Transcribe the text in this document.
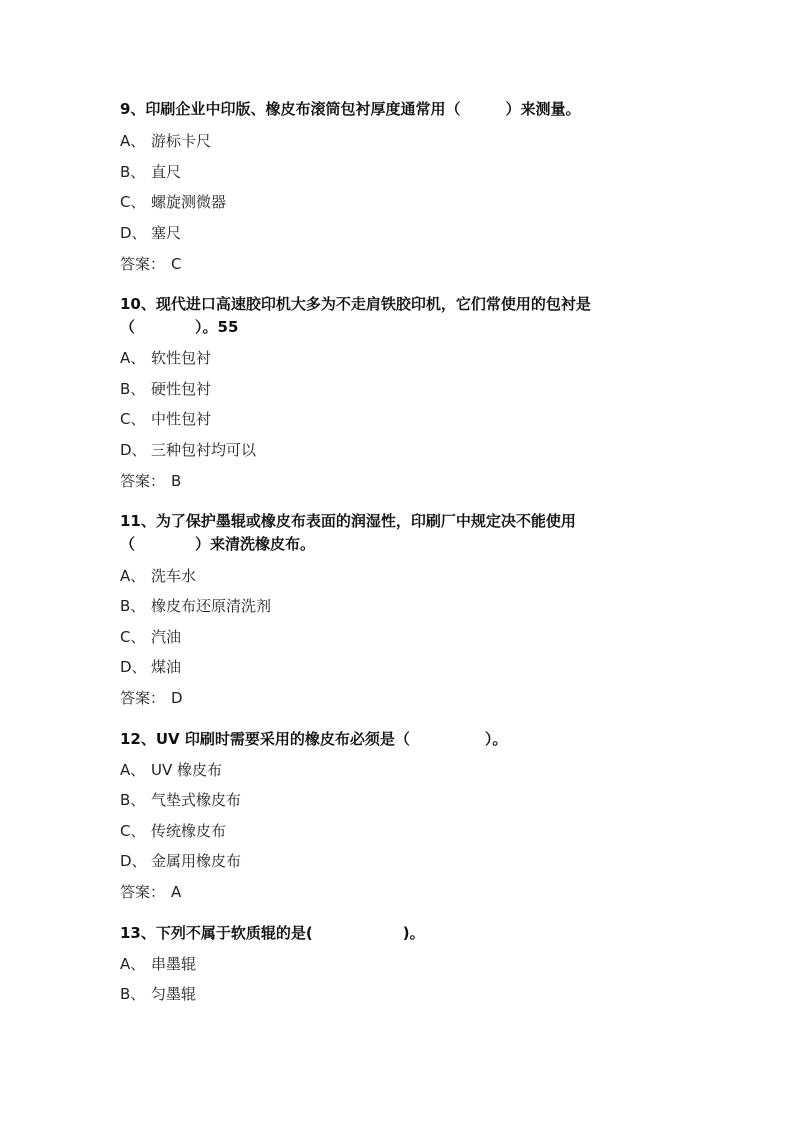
9、印刷企业中印版、橡皮布滚筒包衬厚度通常用（　　　）来测量。
A、 游标卡尺
B、 直尺
C、 螺旋测微器
D、 塞尺
答案： C
10、现代进口高速胶印机大多为不走肩铁胶印机，它们常使用的包衬是（　　　　）。55
A、 软性包衬
B、 硬性包衬
C、 中性包衬
D、 三种包衬均可以
答案： B
11、为了保护墨辊或橡皮布表面的润湿性，印刷厂中规定决不能使用（　　　　）来清洗橡皮布。
A、 洗车水
B、 橡皮布还原清洗剂
C、 汽油
D、 煤油
答案： D
12、UV 印刷时需要采用的橡皮布必须是（　　　　　）。
A、 UV 橡皮布
B、 气垫式橡皮布
C、 传统橡皮布
D、 金属用橡皮布
答案： A
13、下列不属于软质辊的是(　　　　　　)。
A、 串墨辊
B、 匀墨辊
